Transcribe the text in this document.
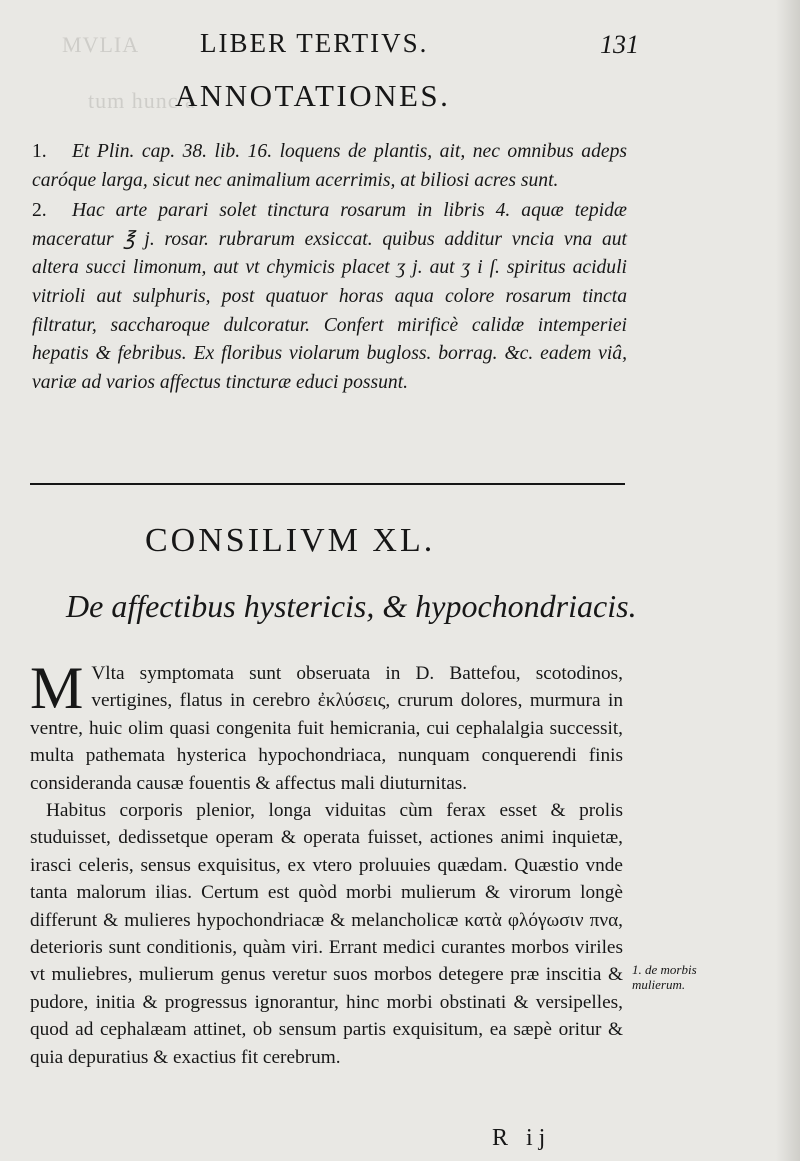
MVLIA
tum hunc a
LIBER TERTIVS.	131
ANNOTATIONES.

1. Et Plin. cap. 38. lib. 16. loquens de plantis, ait, nec omnibus adeps caróque larga, sicut nec animalium acerrimis, at biliosi acres sunt.

2. Hac arte parari solet tinctura rosarum in libris 4. aquæ tepidæ maceratur ℥ j. rosar. rubrarum exsiccat. quibus additur vncia vna aut altera succi limonum, aut vt chymicis placet ʒ j. aut ʒ i ſ. spiritus aciduli vitrioli aut sulphuris, post quatuor horas aqua colore rosarum tincta filtratur, saccharoque dulcoratur. Confert mirificè calidæ intemperiei hepatis & febribus. Ex floribus violarum bugloss. borrag. &c. eadem viâ, variæ ad varios affectus tincturæ educi possunt.

CONSILIVM XL.
De affectibus hystericis, & hypochondriacis.

M Vlta symptomata sunt obseruata in D. Battefou, scotodinos, vertigines, flatus in cerebro ἐκλύσεις, crurum dolores, murmura in ventre, huic olim quasi congenita fuit hemicrania, cui cephalalgia successit, multa pathemata hysterica hypochondriaca, nunquam conquerendi finis consideranda causæ fouentis & affectus mali diuturnitas.

Habitus corporis plenior, longa viduitas cùm ferax esset & prolis studuisset, dedissetque operam & operata fuisset, actiones animi inquietæ, irasci celeris, sensus exquisitus, ex vtero proluuies quædam. Quæstio vnde tanta malorum ilias. Certum est quòd morbi mulierum & virorum longè differunt & mulieres hypochondriacæ & melancholicæ κατὰ φλόγωσιν πνα, deterioris sunt conditionis, quàm viri. Errant medici curantes morbos viriles vt muliebres, mulierum genus veretur suos morbos detegere præ inscitia & pudore, initia & progressus ignorantur, hinc morbi obstinati & versipelles, quod ad cephalæam attinet, ob sensum partis exquisitum, ea sæpè oritur & quia depuratius & exactius fit cerebrum.

1. de morbis mulierum.
R ij
